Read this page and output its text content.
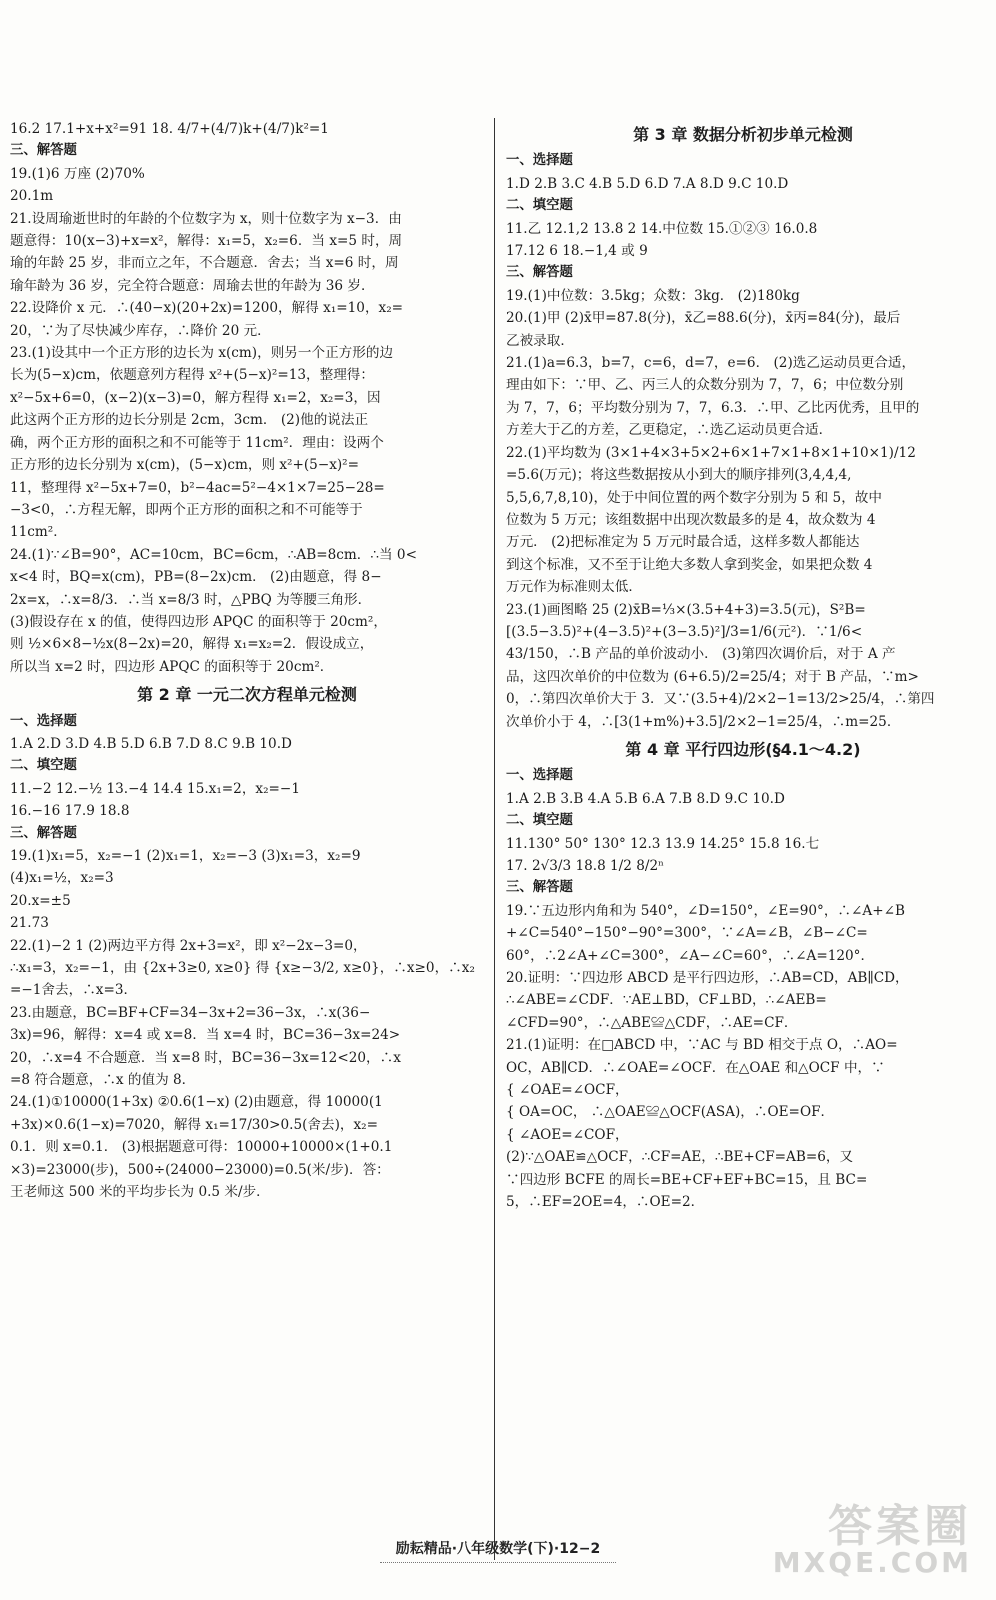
16.2 17.1+x+x²=91 18. 4/7+(4/7)k+(4/7)k²=1
三、解答题
19.(1)6 万座 (2)70%
20.1m
21.设周瑜逝世时的年龄的个位数字为 x，则十位数字为 x−3．由
题意得：10(x−3)+x=x²，解得：x₁=5，x₂=6．当 x=5 时，周
瑜的年龄 25 岁，非而立之年，不合题意．舍去；当 x=6 时，周
瑜年龄为 36 岁，完全符合题意：周瑜去世的年龄为 36 岁．
22.设降价 x 元．∴(40−x)(20+2x)=1200，解得 x₁=10，x₂=
20，∵为了尽快减少库存，∴降价 20 元．
23.(1)设其中一个正方形的边长为 x(cm)，则另一个正方形的边
长为(5−x)cm，依题意列方程得 x²+(5−x)²=13，整理得：
x²−5x+6=0，(x−2)(x−3)=0，解方程得 x₁=2，x₂=3，因
此这两个正方形的边长分别是 2cm，3cm． (2)他的说法正
确，两个正方形的面积之和不可能等于 11cm²．理由：设两个
正方形的边长分别为 x(cm)，(5−x)cm，则 x²+(5−x)²=
11，整理得 x²−5x+7=0，b²−4ac=5²−4×1×7=25−28=
−3<0，∴方程无解，即两个正方形的面积之和不可能等于
11cm²．
24.(1)∵∠B=90°，AC=10cm，BC=6cm，∴AB=8cm．∴当 0<
x<4 时，BQ=x(cm)，PB=(8−2x)cm． (2)由题意，得 8−
2x=x，∴x=8/3．∴当 x=8/3 时，△PBQ 为等腰三角形．
(3)假设存在 x 的值，使得四边形 APQC 的面积等于 20cm²，
则 ½×6×8−½x(8−2x)=20，解得 x₁=x₂=2．假设成立，
所以当 x=2 时，四边形 APQC 的面积等于 20cm²．
第 2 章 一元二次方程单元检测
一、选择题
1.A 2.D 3.D 4.B 5.D 6.B 7.D 8.C 9.B 10.D
二、填空题
11.−2 12.−½ 13.−4 14.4 15.x₁=2，x₂=−1
16.−16 17.9 18.8
三、解答题
19.(1)x₁=5，x₂=−1 (2)x₁=1，x₂=−3 (3)x₁=3，x₂=9
(4)x₁=½，x₂=3
20.x=±5
21.73
22.(1)−2 1 (2)两边平方得 2x+3=x²，即 x²−2x−3=0，
∴x₁=3，x₂=−1，由 {2x+3≥0, x≥0} 得 {x≥−3/2, x≥0}，∴x≥0，∴x₂
=−1舍去，∴x=3．
23.由题意，BC=BF+CF=34−3x+2=36−3x，∴x(36−
3x)=96，解得：x=4 或 x=8．当 x=4 时，BC=36−3x=24>
20，∴x=4 不合题意．当 x=8 时，BC=36−3x=12<20，∴x
=8 符合题意，∴x 的值为 8．
24.(1)①10000(1+3x) ②0.6(1−x) (2)由题意，得 10000(1
+3x)×0.6(1−x)=7020，解得 x₁=17/30>0.5(舍去)，x₂=
0.1．则 x=0.1． (3)根据题意可得：10000+10000×(1+0.1
×3)=23000(步)，500÷(24000−23000)=0.5(米/步)．答：
王老师这 500 米的平均步长为 0.5 米/步．
第 3 章 数据分析初步单元检测
一、选择题
1.D 2.B 3.C 4.B 5.D 6.D 7.A 8.D 9.C 10.D
二、填空题
11.乙 12.1,2 13.8 2 14.中位数 15.①②③ 16.0.8
17.12 6 18.−1,4 或 9
三、解答题
19.(1)中位数：3.5kg；众数：3kg． (2)180kg
20.(1)甲 (2)x̄甲=87.8(分)，x̄乙=88.6(分)，x̄丙=84(分)，最后
乙被录取．
21.(1)a=6.3，b=7，c=6，d=7，e=6． (2)选乙运动员更合适，
理由如下：∵甲、乙、丙三人的众数分别为 7，7，6；中位数分别
为 7，7，6；平均数分别为 7，7，6.3．∴甲、乙比丙优秀，且甲的
方差大于乙的方差，乙更稳定，∴选乙运动员更合适．
22.(1)平均数为 (3×1+4×3+5×2+6×1+7×1+8×1+10×1)/12
=5.6(万元)；将这些数据按从小到大的顺序排列(3,4,4,4,
5,5,6,7,8,10)，处于中间位置的两个数字分别为 5 和 5，故中
位数为 5 万元；该组数据中出现次数最多的是 4，故众数为 4
万元． (2)把标准定为 5 万元时最合适，这样多数人都能达
到这个标准，又不至于让绝大多数人拿到奖金，如果把众数 4
万元作为标准则太低．
23.(1)画图略 25 (2)x̄B=⅓×(3.5+4+3)=3.5(元)，S²B=
[(3.5−3.5)²+(4−3.5)²+(3−3.5)²]/3=1/6(元²)．∵1/6<
43/150，∴B 产品的单价波动小． (3)第四次调价后，对于 A 产
品，这四次单价的中位数为 (6+6.5)/2=25/4；对于 B 产品，∵m>
0，∴第四次单价大于 3．又∵(3.5+4)/2×2−1=13/2>25/4，∴第四
次单价小于 4，∴[3(1+m%)+3.5]/2×2−1=25/4，∴m=25．
第 4 章 平行四边形(§4.1～4.2)
一、选择题
1.A 2.B 3.B 4.A 5.B 6.A 7.B 8.D 9.C 10.D
二、填空题
11.130° 50° 130° 12.3 13.9 14.25° 15.8 16.七
17. 2√3/3 18.8 1/2 8/2ⁿ
三、解答题
19.∵五边形内角和为 540°，∠D=150°，∠E=90°，∴∠A+∠B
+∠C=540°−150°−90°=300°，∵∠A=∠B，∠B−∠C=
60°，∴2∠A+∠C=300°，∠A−∠C=60°，∴∠A=120°．
20.证明：∵四边形 ABCD 是平行四边形，∴AB=CD，AB∥CD，
∴∠ABE=∠CDF．∵AE⊥BD，CF⊥BD，∴∠AEB=
∠CFD=90°，∴△ABE≌△CDF，∴AE=CF．
21.(1)证明：在□ABCD 中，∵AC 与 BD 相交于点 O，∴AO=
OC，AB∥CD．∴∠OAE=∠OCF．在△OAE 和△OCF 中，∵
{ ∠OAE=∠OCF，
{ OA=OC， ∴△OAE≌△OCF(ASA)，∴OE=OF．
{ ∠AOE=∠COF，
(2)∵△OAE≌△OCF，∴CF=AE，∴BE+CF=AB=6，又
∵四边形 BCFE 的周长=BE+CF+EF+BC=15，且 BC=
5，∴EF=2OE=4，∴OE=2．
励耘精品·八年级数学(下)·12−2	答案圈
MXQE.COM
